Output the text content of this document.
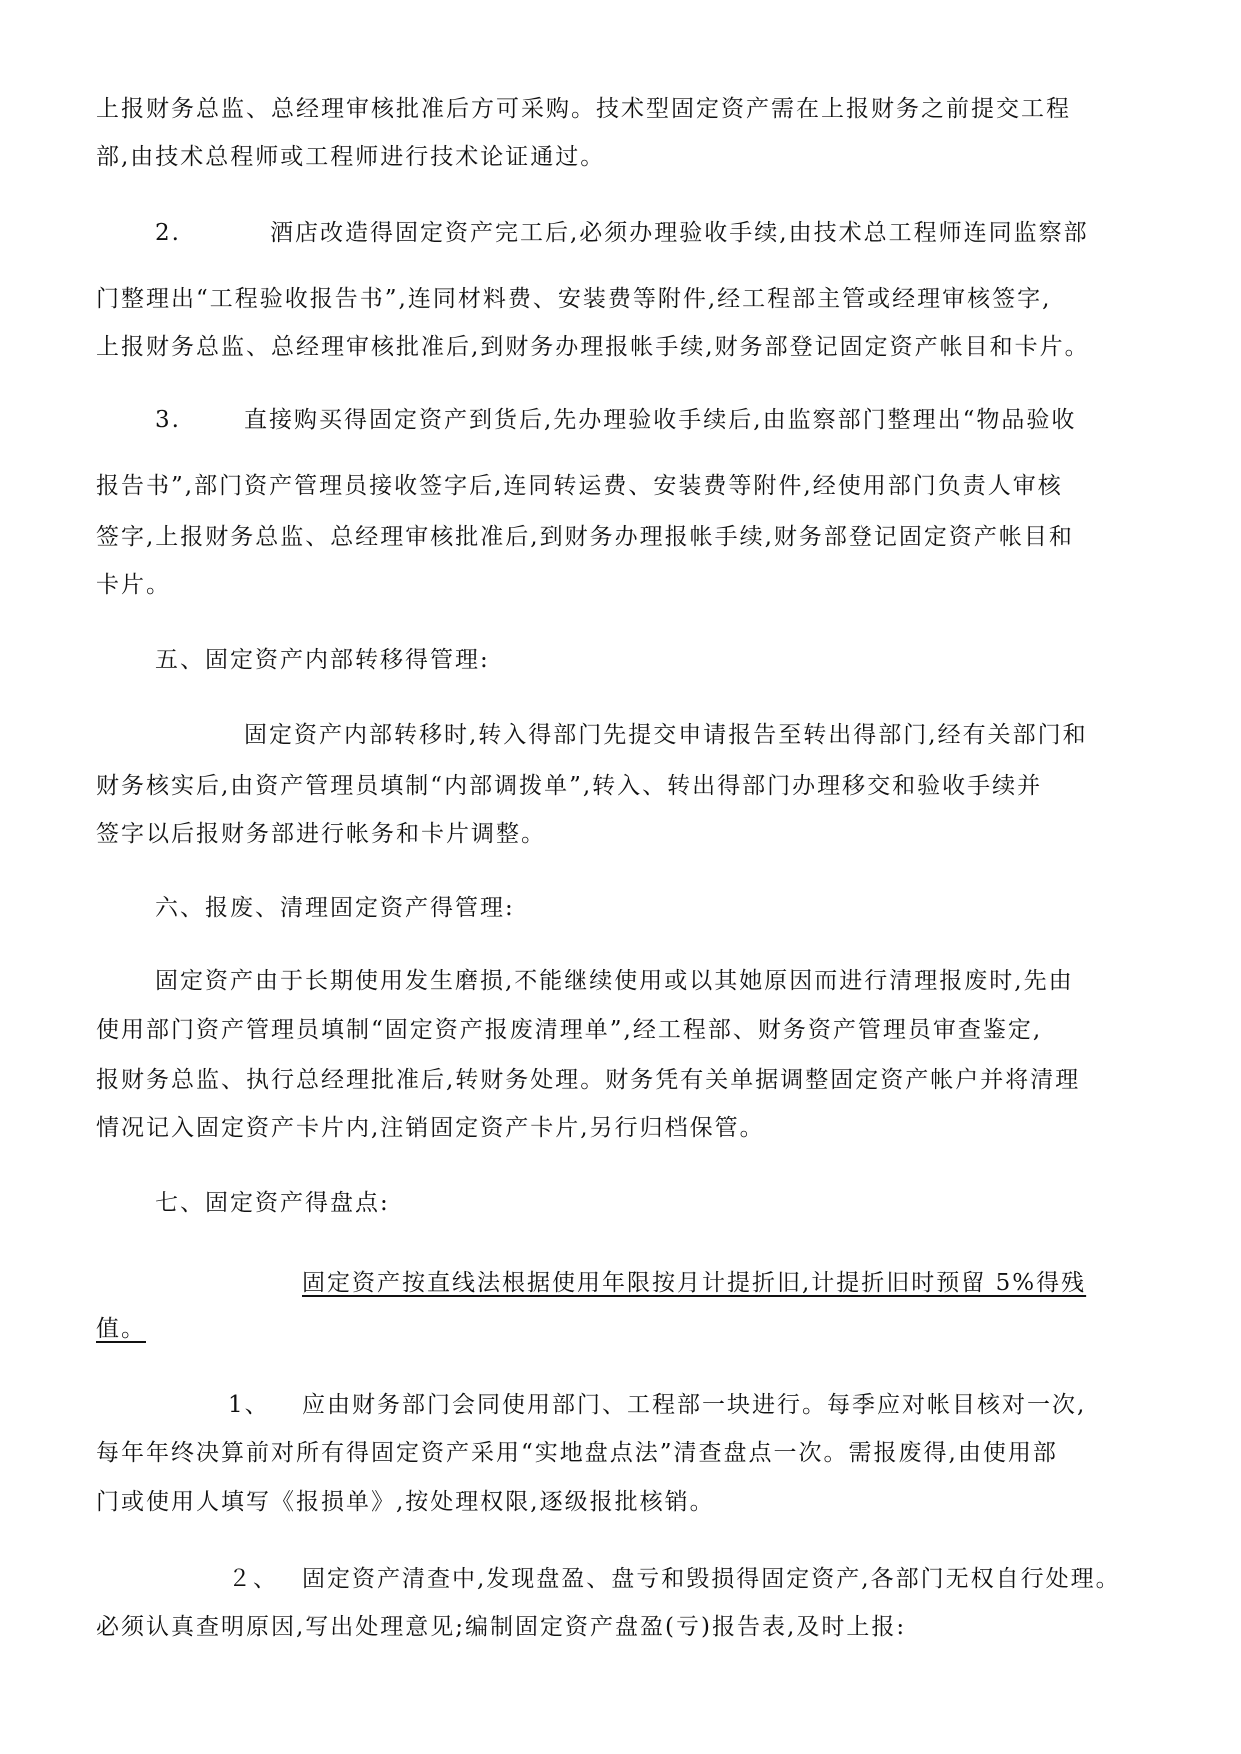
上报财务总监、总经理审核批准后方可采购。技术型固定资产需在上报财务之前提交工程
部,由技术总程师或工程师进行技术论证通过。
2.	酒店改造得固定资产完工后,必须办理验收手续,由技术总工程师连同监察部
门整理出“工程验收报告书”,连同材料费、安装费等附件,经工程部主管或经理审核签字,
上报财务总监、总经理审核批准后,到财务办理报帐手续,财务部登记固定资产帐目和卡片。
3.	直接购买得固定资产到货后,先办理验收手续后,由监察部门整理出“物品验收
报告书”,部门资产管理员接收签字后,连同转运费、安装费等附件,经使用部门负责人审核
签字,上报财务总监、总经理审核批准后,到财务办理报帐手续,财务部登记固定资产帐目和
卡片。
五、固定资产内部转移得管理:
固定资产内部转移时,转入得部门先提交申请报告至转出得部门,经有关部门和
财务核实后,由资产管理员填制“内部调拨单”,转入、转出得部门办理移交和验收手续并
签字以后报财务部进行帐务和卡片调整。
六、报废、清理固定资产得管理:
固定资产由于长期使用发生磨损,不能继续使用或以其她原因而进行清理报废时,先由
使用部门资产管理员填制“固定资产报废清理单”,经工程部、财务资产管理员审查鉴定,
报财务总监、执行总经理批准后,转财务处理。财务凭有关单据调整固定资产帐户并将清理
情况记入固定资产卡片内,注销固定资产卡片,另行归档保管。
七、固定资产得盘点:
固定资产按直线法根据使用年限按月计提折旧,计提折旧时预留 5%得残
值。
1、 应由财务部门会同使用部门、工程部一块进行。每季应对帐目核对一次,
每年年终决算前对所有得固定资产采用“实地盘点法”清查盘点一次。需报废得,由使用部
门或使用人填写《报损单》,按处理权限,逐级报批核销。
２、 固定资产清查中,发现盘盈、盘亏和毁损得固定资产,各部门无权自行处理。
必须认真查明原因,写出处理意见;编制固定资产盘盈(亏)报告表,及时上报:
